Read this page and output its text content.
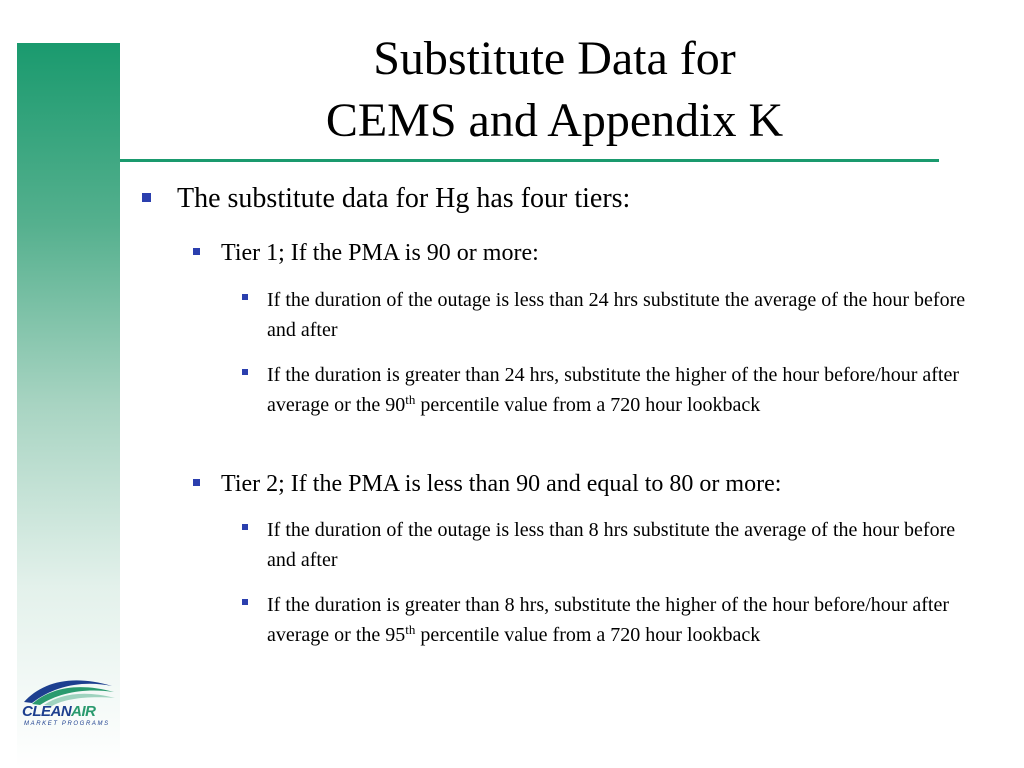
Substitute Data for
CEMS and Appendix K
The substitute data for Hg has four tiers:
Tier 1; If the PMA is 90 or more:
If the duration of the outage is less than 24 hrs substitute the average of the hour before and after
If the duration is greater than 24 hrs, substitute the higher of the hour before/hour after average or the 90th percentile value from a 720 hour lookback
Tier 2; If the PMA is less than 90 and equal to 80 or more:
If the duration of the outage is less than 8 hrs substitute the average of the hour before and after
If the duration is greater than 8 hrs, substitute the higher of the hour before/hour after average or the 95th percentile value from a 720 hour lookback
CLEANAIR
MARKET PROGRAMS
